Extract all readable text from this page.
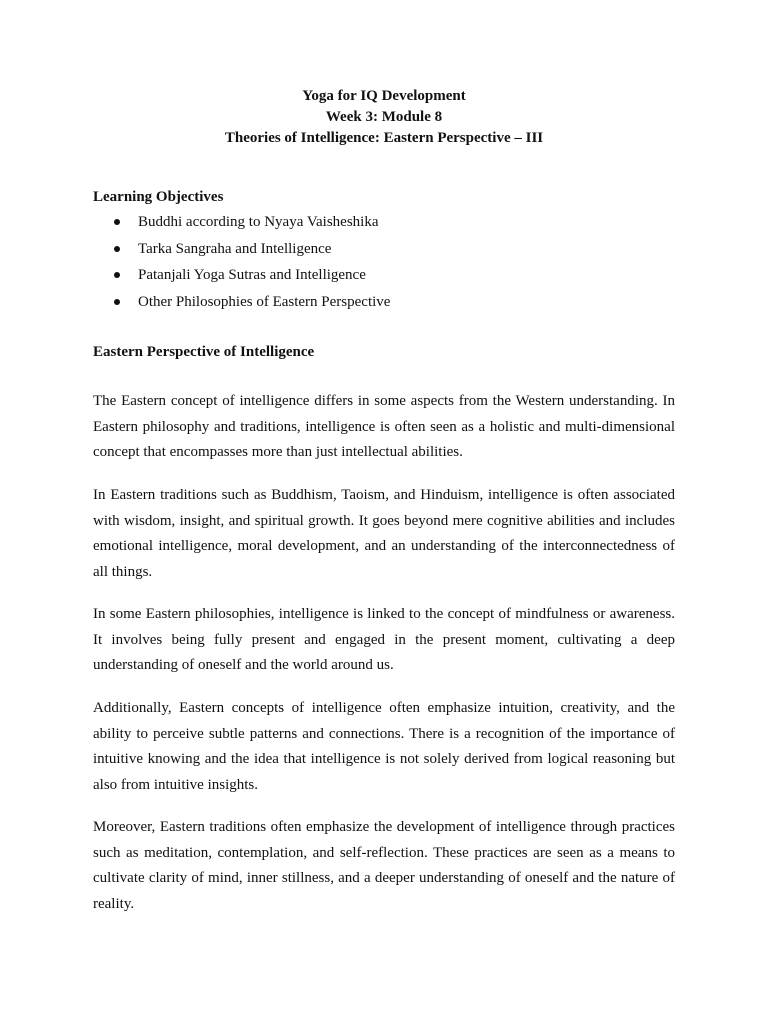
Yoga for IQ Development
Week 3: Module 8
Theories of Intelligence: Eastern Perspective – III
Learning Objectives
Buddhi according to Nyaya Vaisheshika
Tarka Sangraha and Intelligence
Patanjali Yoga Sutras and Intelligence
Other Philosophies of Eastern Perspective
Eastern Perspective of Intelligence

The Eastern concept of intelligence differs in some aspects from the Western understanding. In Eastern philosophy and traditions, intelligence is often seen as a holistic and multi-dimensional concept that encompasses more than just intellectual abilities.

In Eastern traditions such as Buddhism, Taoism, and Hinduism, intelligence is often associated with wisdom, insight, and spiritual growth. It goes beyond mere cognitive abilities and includes emotional intelligence, moral development, and an understanding of the interconnectedness of all things.

In some Eastern philosophies, intelligence is linked to the concept of mindfulness or awareness. It involves being fully present and engaged in the present moment, cultivating a deep understanding of oneself and the world around us.

Additionally, Eastern concepts of intelligence often emphasize intuition, creativity, and the ability to perceive subtle patterns and connections. There is a recognition of the importance of intuitive knowing and the idea that intelligence is not solely derived from logical reasoning but also from intuitive insights.

Moreover, Eastern traditions often emphasize the development of intelligence through practices such as meditation, contemplation, and self-reflection. These practices are seen as a means to cultivate clarity of mind, inner stillness, and a deeper understanding of oneself and the nature of reality.
